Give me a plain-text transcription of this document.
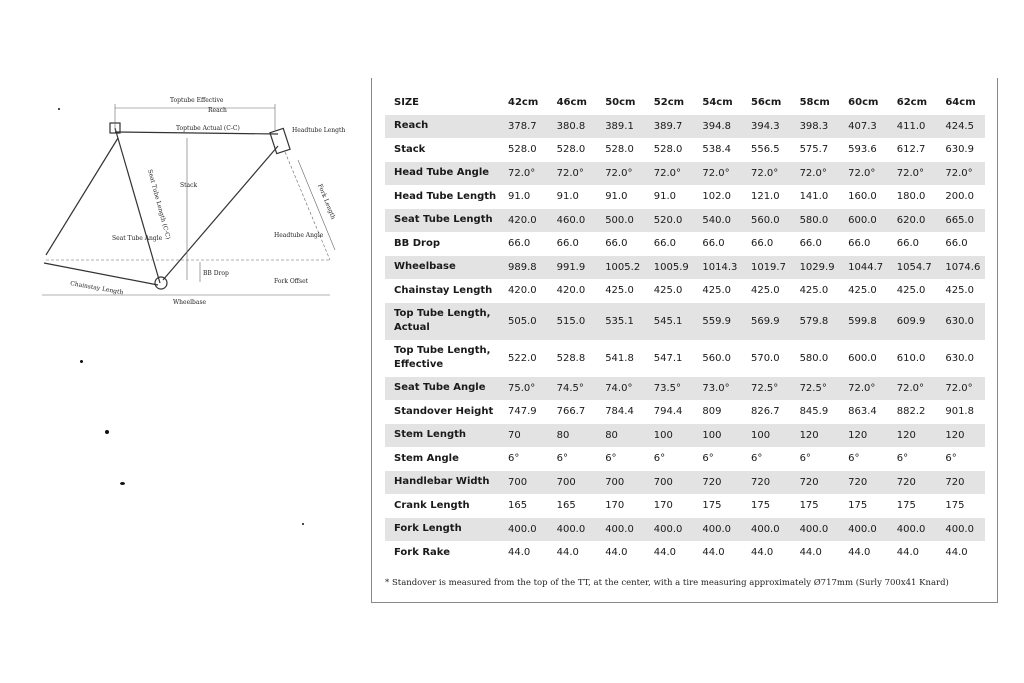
Toptube Effective
Reach
Toptube Actual (C-C)	Headtube Length
Seat Tube Length (C-C) Stack	Fork Length
Seat Tube Angle	Headtube Angle
BB Drop
Fork Offset
Chainstay Length
Wheelbase
SIZE	42cm	46cm	50cm	52cm	54cm	56cm	58cm	60cm	62cm	64cm
Reach	378.7	380.8	389.1	389.7	394.8	394.3	398.3	407.3	411.0	424.5
Stack	528.0	528.0	528.0	528.0	538.4	556.5	575.7	593.6	612.7	630.9
Head Tube Angle	72.0°	72.0°	72.0°	72.0°	72.0°	72.0°	72.0°	72.0°	72.0°	72.0°
Head Tube Length	91.0	91.0	91.0	91.0	102.0	121.0	141.0	160.0	180.0	200.0
Seat Tube Length	420.0	460.0	500.0	520.0	540.0	560.0	580.0	600.0	620.0	665.0
BB Drop	66.0	66.0	66.0	66.0	66.0	66.0	66.0	66.0	66.0	66.0
Wheelbase	989.8	991.9	1005.2	1005.9	1014.3	1019.7	1029.9	1044.7	1054.7	1074.6
Chainstay Length	420.0	420.0	425.0	425.0	425.0	425.0	425.0	425.0	425.0	425.0
Top Tube Length, Actual	505.0	515.0	535.1	545.1	559.9	569.9	579.8	599.8	609.9	630.0
Top Tube Length, Effective	522.0	528.8	541.8	547.1	560.0	570.0	580.0	600.0	610.0	630.0
Seat Tube Angle	75.0°	74.5°	74.0°	73.5°	73.0°	72.5°	72.5°	72.0°	72.0°	72.0°
Standover Height	747.9	766.7	784.4	794.4	809	826.7	845.9	863.4	882.2	901.8
Stem Length	70	80	80	100	100	100	120	120	120	120
Stem Angle	6°	6°	6°	6°	6°	6°	6°	6°	6°	6°
Handlebar Width	700	700	700	700	720	720	720	720	720	720
Crank Length	165	165	170	170	175	175	175	175	175	175
Fork Length	400.0	400.0	400.0	400.0	400.0	400.0	400.0	400.0	400.0	400.0
Fork Rake	44.0	44.0	44.0	44.0	44.0	44.0	44.0	44.0	44.0	44.0
* Standover is measured from the top of the TT, at the center, with a tire measuring approximately Ø717mm (Surly 700x41 Knard)
